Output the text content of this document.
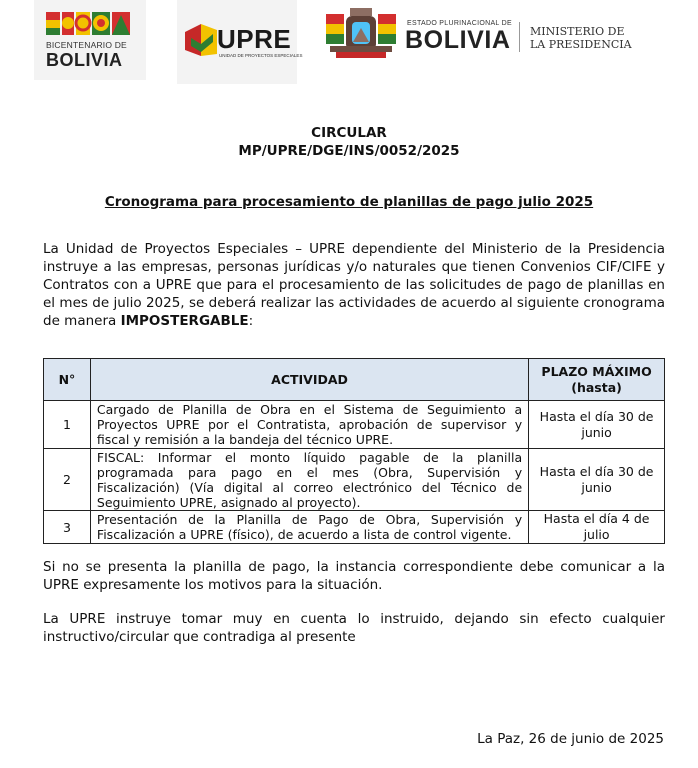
BICENTENARIO DE
BOLIVIA
UPRE
UNIDAD DE PROYECTOS ESPECIALES
ESTADO PLURINACIONAL DE
BOLIVIA MINISTERIO DE
LA PRESIDENCIA
CIRCULAR
MP/UPRE/DGE/INS/0052/2025
Cronograma para procesamiento de planillas de pago julio 2025

La Unidad de Proyectos Especiales – UPRE dependiente del Ministerio de la Presidencia instruye a las empresas, personas jurídicas y/o naturales que tienen Convenios CIF/CIFE y Contratos con a UPRE que para el procesamiento de las solicitudes de pago de planillas en el mes de julio 2025, se deberá realizar las actividades de acuerdo al siguiente cronograma de manera IMPOSTERGABLE:

N°	ACTIVIDAD	PLAZO MÁXIMO
(hasta)

1	Cargado de Planilla de Obra en el Sistema de Seguimiento a Proyectos UPRE por el Contratista, aprobación de supervisor y fiscal y remisión a la bandeja del técnico UPRE.	Hasta el día 30 de junio
2	FISCAL: Informar el monto líquido pagable de la planilla programada para pago en el mes (Obra, Supervisión y Fiscalización) (Vía digital al correo electrónico del Técnico de Seguimiento UPRE, asignado al proyecto).	Hasta el día 30 de junio
3	Presentación de la Planilla de Pago de Obra, Supervisión y Fiscalización a UPRE (físico), de acuerdo a lista de control vigente.	Hasta el día 4 de julio

Si no se presenta la planilla de pago, la instancia correspondiente debe comunicar a la UPRE expresamente los motivos para la situación.

La UPRE instruye tomar muy en cuenta lo instruido, dejando sin efecto cualquier instructivo/circular que contradiga al presente

La Paz, 26 de junio de 2025
